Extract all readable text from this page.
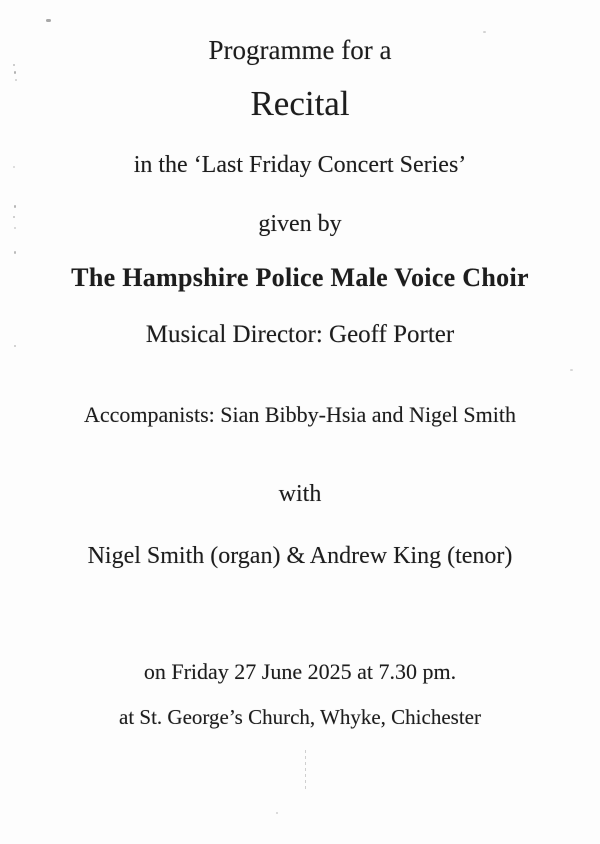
Programme for a
Recital
in the ‘Last Friday Concert Series’
given by
The Hampshire Police Male Voice Choir
Musical Director: Geoff Porter
Accompanists: Sian Bibby-Hsia and Nigel Smith
with
Nigel Smith (organ) & Andrew King (tenor)
on Friday 27 June 2025 at 7.30 pm.
at St. George’s Church, Whyke, Chichester
